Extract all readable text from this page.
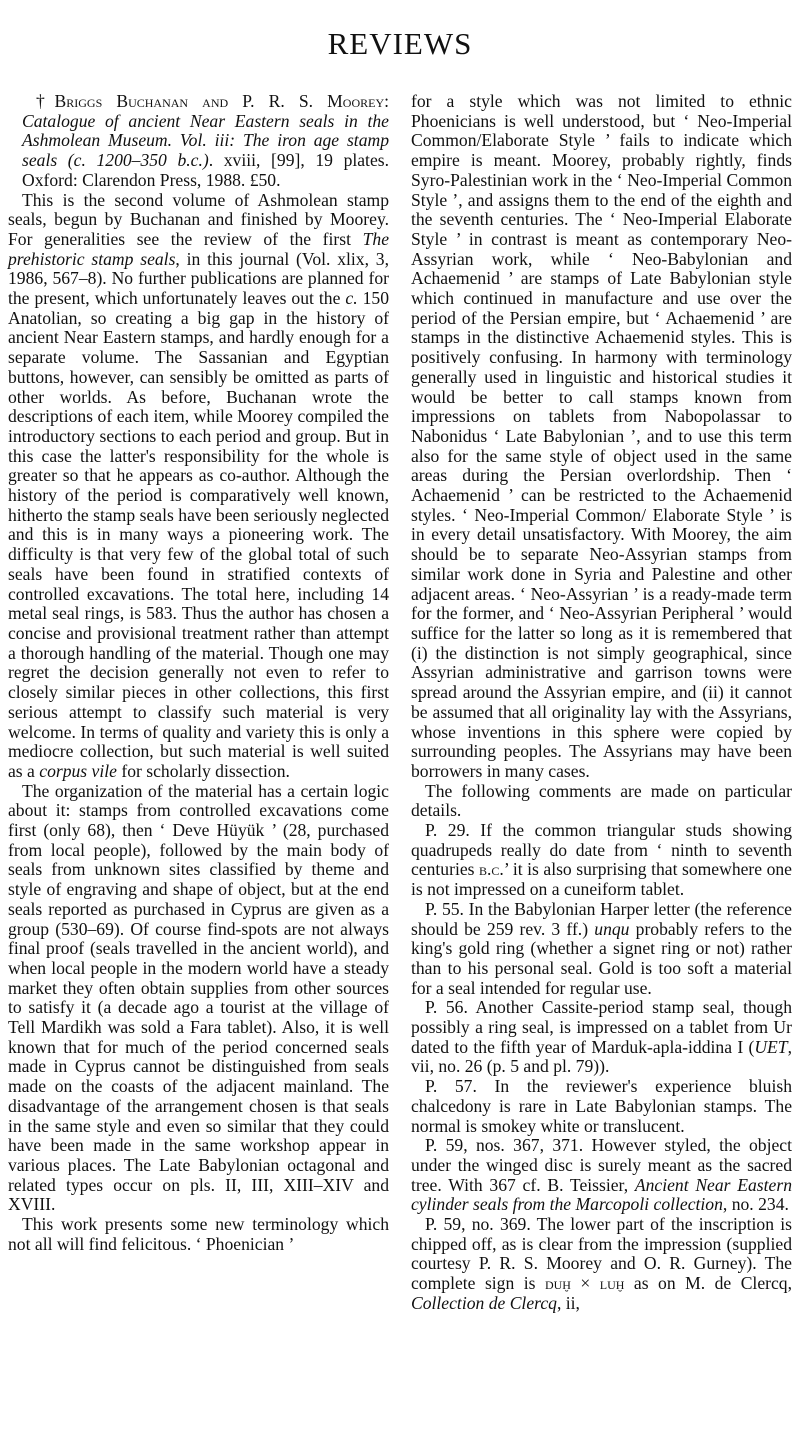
REVIEWS

†Briggs Buchanan and P. R. S. Moorey: Catalogue of ancient Near Eastern seals in the Ashmolean Museum. Vol. iii: The iron age stamp seals (c. 1200–350 b.c.). xviii, [99], 19 plates. Oxford: Clarendon Press, 1988. £50.

This is the second volume of Ashmolean stamp seals, begun by Buchanan and finished by Moorey. For generalities see the review of the first The prehistoric stamp seals, in this journal (Vol. xlix, 3, 1986, 567–8). No further publications are planned for the present, which unfortunately leaves out the c. 150 Anatolian, so creating a big gap in the history of ancient Near Eastern stamps, and hardly enough for a separate volume. The Sassanian and Egyptian buttons, however, can sensibly be omitted as parts of other worlds. As before, Buchanan wrote the descriptions of each item, while Moorey compiled the introductory sections to each period and group. But in this case the latter's responsibility for the whole is greater so that he appears as co-author. Although the history of the period is comparatively well known, hitherto the stamp seals have been seriously neglected and this is in many ways a pioneering work. The difficulty is that very few of the global total of such seals have been found in stratified contexts of controlled excavations. The total here, including 14 metal seal rings, is 583. Thus the author has chosen a concise and provisional treatment rather than attempt a thorough handling of the material. Though one may regret the decision generally not even to refer to closely similar pieces in other collections, this first serious attempt to classify such material is very welcome. In terms of quality and variety this is only a mediocre collection, but such material is well suited as a corpus vile for scholarly dissection.

The organization of the material has a certain logic about it: stamps from controlled excavations come first (only 68), then ‘ Deve Hüyük ’ (28, purchased from local people), followed by the main body of seals from unknown sites classified by theme and style of engraving and shape of object, but at the end seals reported as purchased in Cyprus are given as a group (530–69). Of course find-spots are not always final proof (seals travelled in the ancient world), and when local people in the modern world have a steady market they often obtain supplies from other sources to satisfy it (a decade ago a tourist at the village of Tell Mardikh was sold a Fara tablet). Also, it is well known that for much of the period concerned seals made in Cyprus cannot be distinguished from seals made on the coasts of the adjacent mainland. The disadvantage of the arrangement chosen is that seals in the same style and even so similar that they could have been made in the same workshop appear in various places. The Late Babylonian octagonal and related types occur on pls. II, III, XIII–XIV and XVIII.

This work presents some new terminology which not all will find felicitous. ‘ Phoenician ’

for a style which was not limited to ethnic Phoenicians is well understood, but ‘ Neo-Imperial Common/Elaborate Style ’ fails to indicate which empire is meant. Moorey, probably rightly, finds Syro-Palestinian work in the ‘ Neo-Imperial Common Style ’, and assigns them to the end of the eighth and the seventh centuries. The ‘ Neo-Imperial Elaborate Style ’ in contrast is meant as contemporary Neo-Assyrian work, while ‘ Neo-Babylonian and Achaemenid ’ are stamps of Late Babylonian style which continued in manufacture and use over the period of the Persian empire, but ‘ Achaemenid ’ are stamps in the distinctive Achaemenid styles. This is positively confusing. In harmony with terminology generally used in linguistic and historical studies it would be better to call stamps known from impressions on tablets from Nabopolassar to Nabonidus ‘ Late Babylonian ’, and to use this term also for the same style of object used in the same areas during the Persian overlordship. Then ‘ Achaemenid ’ can be restricted to the Achaemenid styles. ‘ Neo-Imperial Common/ Elaborate Style ’ is in every detail unsatisfactory. With Moorey, the aim should be to separate Neo-Assyrian stamps from similar work done in Syria and Palestine and other adjacent areas. ‘ Neo-Assyrian ’ is a ready-made term for the former, and ‘ Neo-Assyrian Peripheral ’ would suffice for the latter so long as it is remembered that (i) the distinction is not simply geographical, since Assyrian administrative and garrison towns were spread around the Assyrian empire, and (ii) it cannot be assumed that all originality lay with the Assyrians, whose inventions in this sphere were copied by surrounding peoples. The Assyrians may have been borrowers in many cases.

The following comments are made on particular details.

P. 29. If the common triangular studs showing quadrupeds really do date from ‘ ninth to seventh centuries b.c.’ it is also surprising that somewhere one is not impressed on a cuneiform tablet.

P. 55. In the Babylonian Harper letter (the reference should be 259 rev. 3 ff.) unqu probably refers to the king's gold ring (whether a signet ring or not) rather than to his personal seal. Gold is too soft a material for a seal intended for regular use.

P. 56. Another Cassite-period stamp seal, though possibly a ring seal, is impressed on a tablet from Ur dated to the fifth year of Marduk-apla-iddina I (UET, vii, no. 26 (p. 5 and pl. 79)).

P. 57. In the reviewer's experience bluish chalcedony is rare in Late Babylonian stamps. The normal is smokey white or translucent.

P. 59, nos. 367, 371. However styled, the object under the winged disc is surely meant as the sacred tree. With 367 cf. B. Teissier, Ancient Near Eastern cylinder seals from the Marcopoli collection, no. 234.

P. 59, no. 369. The lower part of the inscription is chipped off, as is clear from the impression (supplied courtesy P. R. S. Moorey and O. R. Gurney). The complete sign is duḫ × luḫ as on M. de Clercq, Collection de Clercq, ii,
